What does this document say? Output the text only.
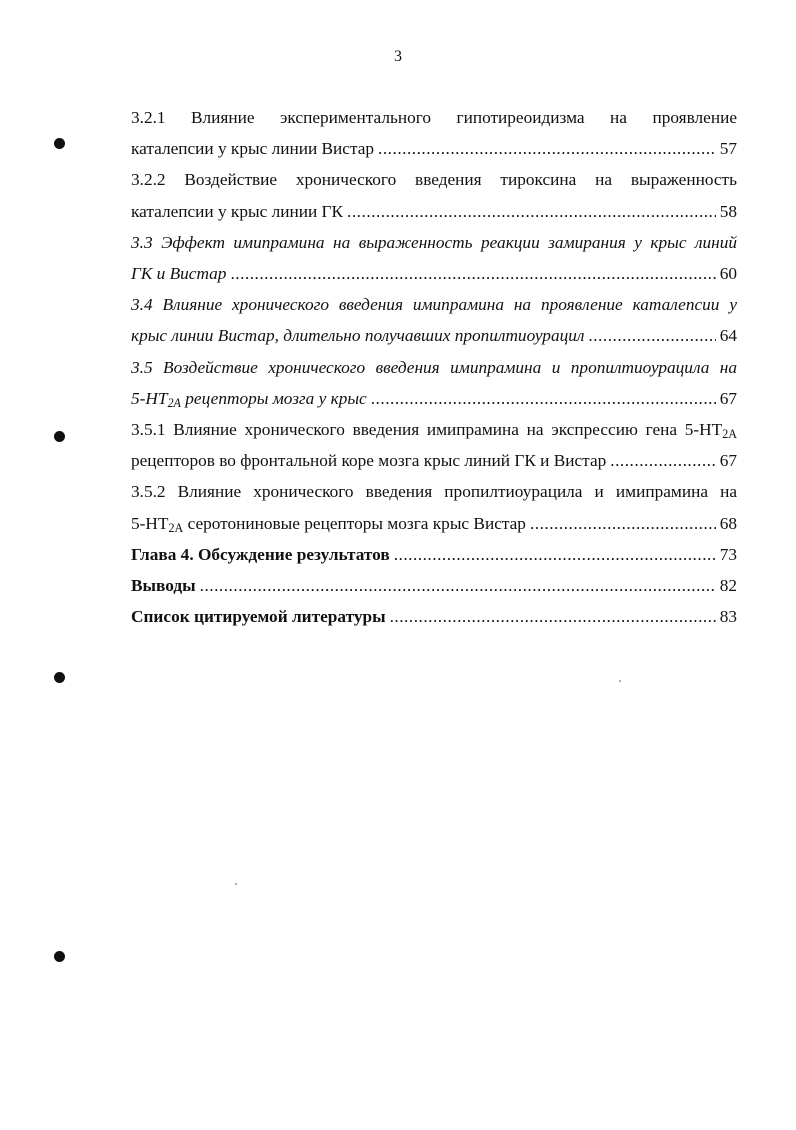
3
3.2.1 Влияние экспериментального гипотиреоидизма на проявление
каталепсии у крыс линии Вистар .....	57
3.2.2 Воздействие хронического введения тироксина на выраженность
каталепсии у крыс линии ГК .....	58
3.3 Эффект имипрамина на выраженность реакции замирания у крыс линий
ГК и Вистар .....	60
3.4 Влияние хронического введения имипрамина на проявление каталепсии у
крыс линии Вистар, длительно получавших пропилтиоурацил .....	64
3.5 Воздействие хронического введения имипрамина и пропилтиоурацила на
$5-HT_{2A}$ рецепторы мозга у крыс .....	67
3.5.1 Влияние хронического введения имипрамина на экспрессию гена $5-HT_{2A}$
рецепторов во фронтальной коре мозга крыс линий ГК и Вистар .....	67
3.5.2 Влияние хронического введения пропилтиоурацила и имипрамина на
$5-HT_{2A}$ серотониновые рецепторы мозга крыс Вистар .....	68
Глава 4. Обсуждение результатов .....	73
Выводы .....	82
Список цитируемой литературы .....	83
